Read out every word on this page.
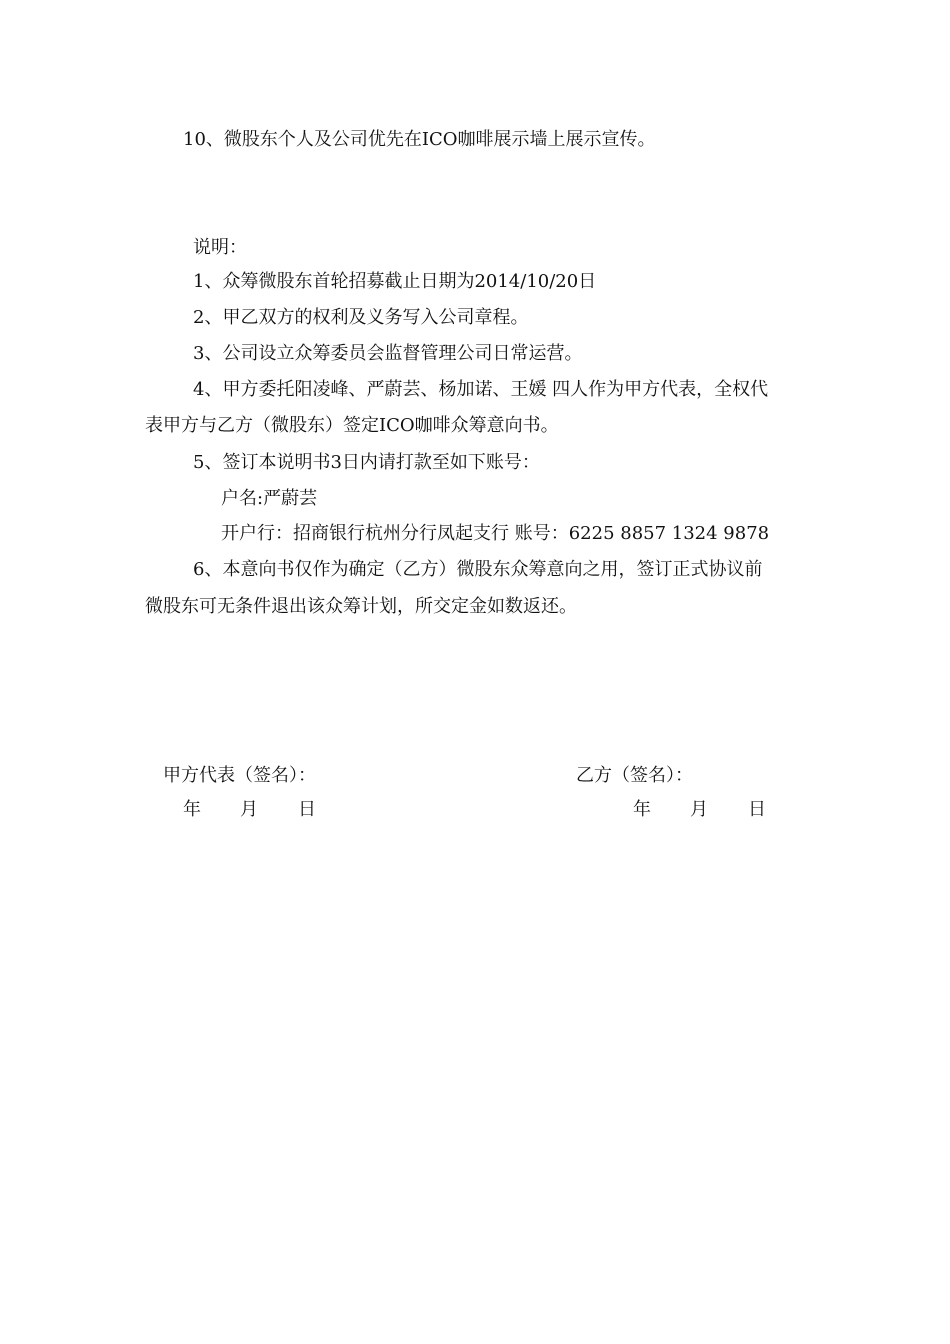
10、微股东个人及公司优先在ICO咖啡展示墙上展示宣传。

说明：

1、众筹微股东首轮招募截止日期为2014/10/20日

2、甲乙双方的权利及义务写入公司章程。

3、公司设立众筹委员会监督管理公司日常运营。

4、甲方委托阳凌峰、严蔚芸、杨加诺、王媛 四人作为甲方代表，全权代

表甲方与乙方（微股东）签定ICO咖啡众筹意向书。

5、签订本说明书3日内请打款至如下账号：

户名:严蔚芸

开户行：招商银行杭州分行凤起支行 账号：6225 8857 1324 9878

6、本意向书仅作为确定（乙方）微股东众筹意向之用，签订正式协议前

微股东可无条件退出该众筹计划，所交定金如数返还。

甲方代表（签名）：
年 月 日
乙方（签名）：
年 月 日
